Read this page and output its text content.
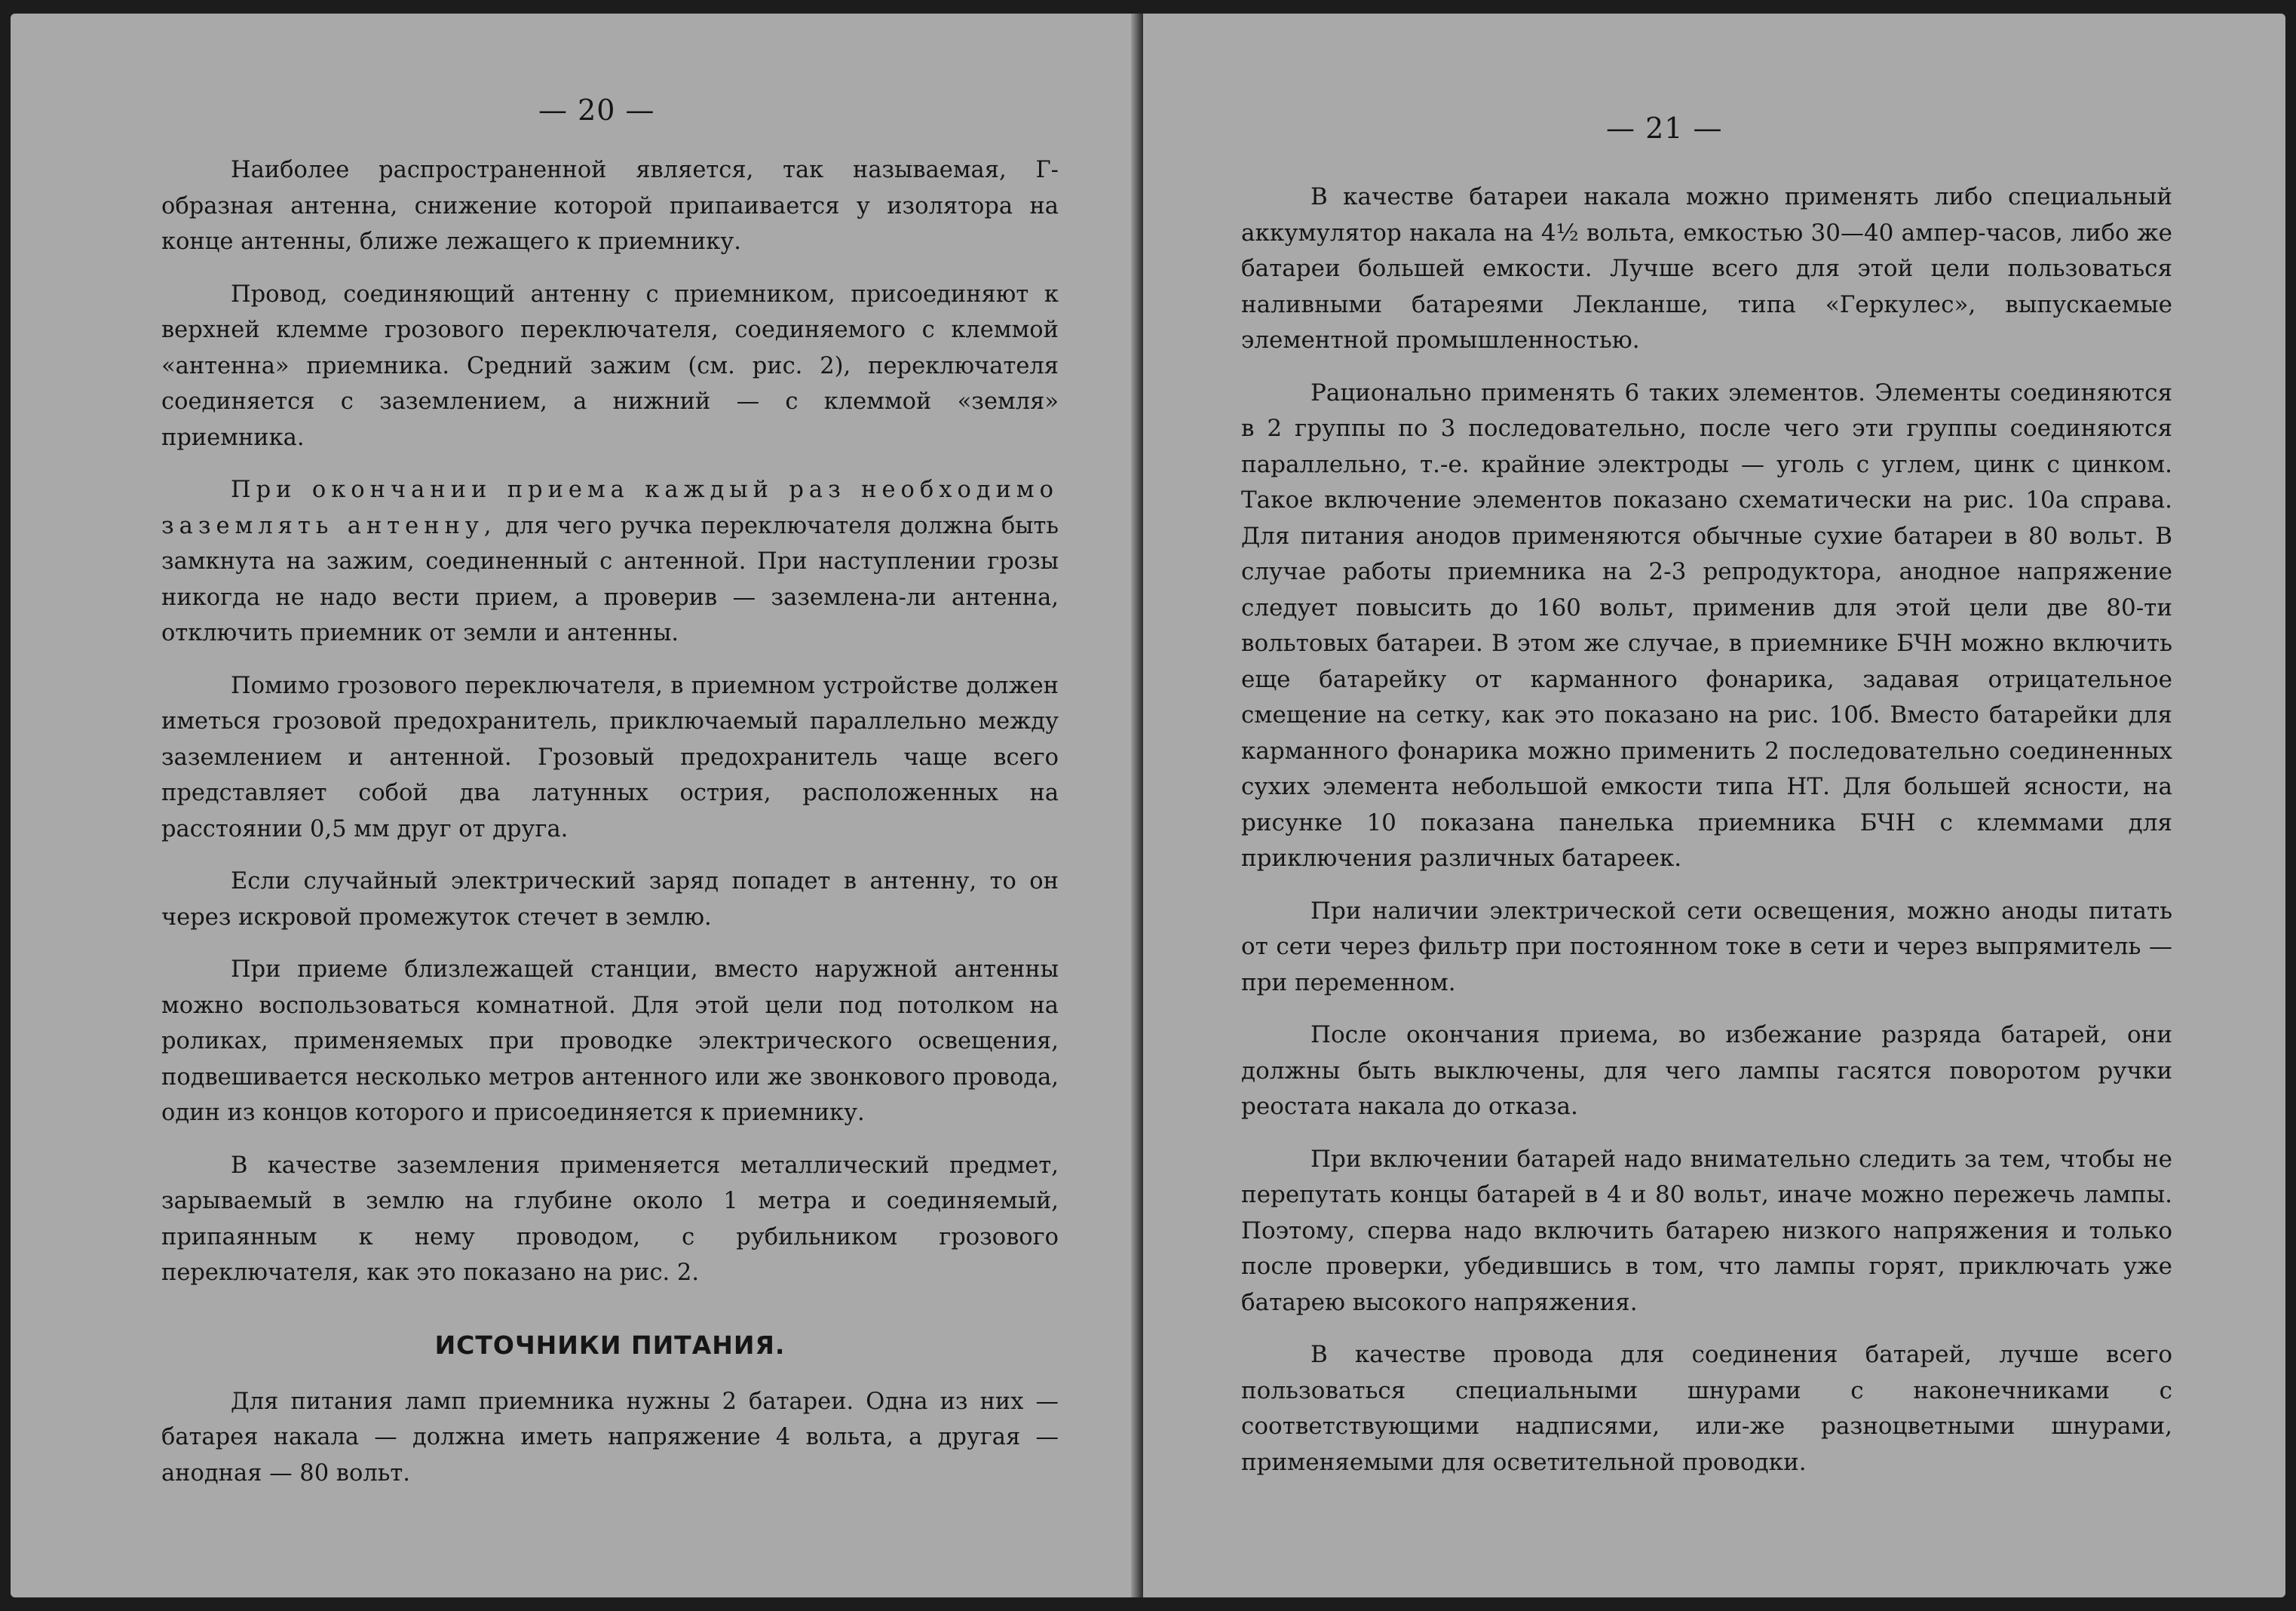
— 20 —

Наиболее распространенной является, так называемая, Г-образная антенна, снижение которой припаивается у изолятора на конце антенны, ближе лежащего к приемнику.

Провод, соединяющий антенну с приемником, присоединяют к верхней клемме грозового переключателя, соединяемого с клеммой «антенна» приемника. Средний зажим (см. рис. 2), переключателя соединяется с заземлением, а нижний — с клеммой «земля» приемника.

При окончании приема каждый раз необходимо заземлять антенну, для чего ручка переключателя должна быть замкнута на зажим, соединенный с антенной. При наступлении грозы никогда не надо вести прием, а проверив — заземлена-ли антенна, отключить приемник от земли и антенны.

Помимо грозового переключателя, в приемном устройстве должен иметься грозовой предохранитель, приключаемый параллельно между заземлением и антенной. Грозовый предохранитель чаще всего представляет собой два латунных острия, расположенных на расстоянии 0,5 мм друг от друга.

Если случайный электрический заряд попадет в антенну, то он через искровой промежуток стечет в землю.

При приеме близлежащей станции, вместо наружной антенны можно воспользоваться комнатной. Для этой цели под потолком на роликах, применяемых при проводке электрического освещения, подвешивается несколько метров антенного или же звонкового провода, один из концов которого и присоединяется к приемнику.

В качестве заземления применяется металлический предмет, зарываемый в землю на глубине около 1 метра и соединяемый, припаянным к нему проводом, с рубильником грозового переключателя, как это показано на рис. 2.

ИСТОЧНИКИ ПИТАНИЯ.

Для питания ламп приемника нужны 2 батареи. Одна из них — батарея накала — должна иметь напряжение 4 вольта, а другая — анодная — 80 вольт.

— 21 —

В качестве батареи накала можно применять либо специальный аккумулятор накала на 4½ вольта, емкостью 30—40 ампер-часов, либо же батареи большей емкости. Лучше всего для этой цели пользоваться наливными батареями Лекланше, типа «Геркулес», выпускаемые элементной промышленностью.

Рационально применять 6 таких элементов. Элементы соединяются в 2 группы по 3 последовательно, после чего эти группы соединяются параллельно, т.-е. крайние электроды — уголь с углем, цинк с цинком. Такое включение элементов показано схематически на рис. 10а справа. Для питания анодов применяются обычные сухие батареи в 80 вольт. В случае работы приемника на 2-3 репродуктора, анодное напряжение следует повысить до 160 вольт, применив для этой цели две 80-ти вольтовых батареи. В этом же случае, в приемнике БЧН можно включить еще батарейку от карманного фонарика, задавая отрицательное смещение на сетку, как это показано на рис. 10б. Вместо батарейки для карманного фонарика можно применить 2 последовательно соединенных сухих элемента небольшой емкости типа НТ. Для большей ясности, на рисунке 10 показана панелька приемника БЧН с клеммами для приключения различных батареек.

При наличии электрической сети освещения, можно аноды питать от сети через фильтр при постоянном токе в сети и через выпрямитель — при переменном.

После окончания приема, во избежание разряда батарей, они должны быть выключены, для чего лампы гасятся поворотом ручки реостата накала до отказа.

При включении батарей надо внимательно следить за тем, чтобы не перепутать концы батарей в 4 и 80 вольт, иначе можно пережечь лампы. Поэтому, сперва надо включить батарею низкого напряжения и только после проверки, убедившись в том, что лампы горят, приключать уже батарею высокого напряжения.

В качестве провода для соединения батарей, лучше всего пользоваться специальными шнурами с наконечниками с соответствующими надписями, или-же разноцветными шнурами, применяемыми для осветительной проводки.
